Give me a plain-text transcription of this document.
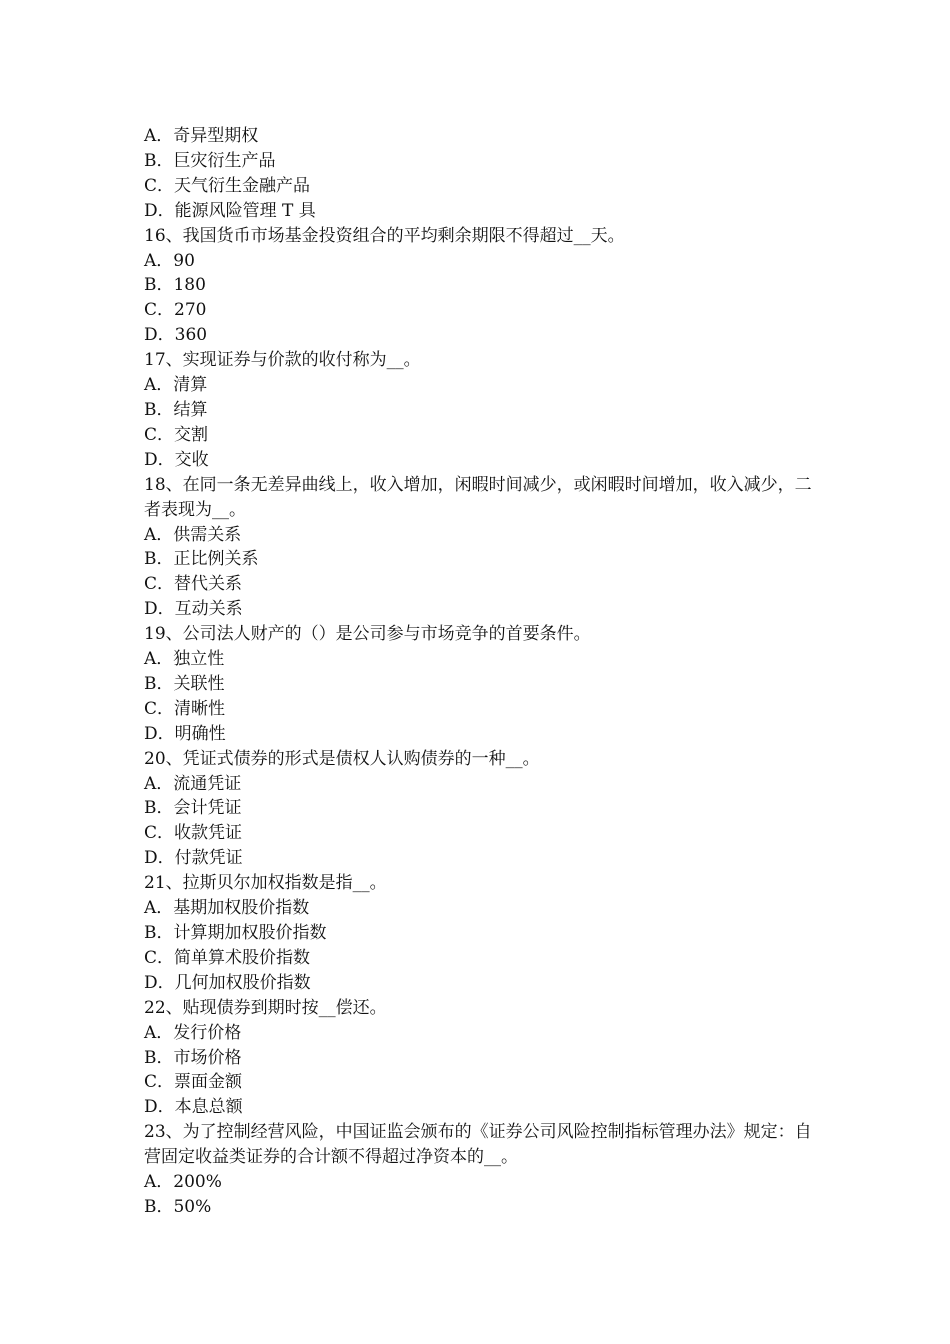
A．奇异型期权
B．巨灾衍生产品
C．天气衍生金融产品
D．能源风险管理 T 具
16、我国货币市场基金投资组合的平均剩余期限不得超过__天。
A．90
B．180
C．270
D．360
17、实现证券与价款的收付称为__。
A．清算
B．结算
C．交割
D．交收
18、在同一条无差异曲线上，收入增加，闲暇时间减少，或闲暇时间增加，收入减少，二者表现为__。
A．供需关系
B．正比例关系
C．替代关系
D．互动关系
19、公司法人财产的（）是公司参与市场竞争的首要条件。
A．独立性
B．关联性
C．清晰性
D．明确性
20、凭证式债券的形式是债权人认购债券的一种__。
A．流通凭证
B．会计凭证
C．收款凭证
D．付款凭证
21、拉斯贝尔加权指数是指__。
A．基期加权股价指数
B．计算期加权股价指数
C．简单算术股价指数
D．几何加权股价指数
22、贴现债券到期时按__偿还。
A．发行价格
B．市场价格
C．票面金额
D．本息总额
23、为了控制经营风险，中国证监会颁布的《证券公司风险控制指标管理办法》规定：自营固定收益类证券的合计额不得超过净资本的__。
A．200%
B．50%
